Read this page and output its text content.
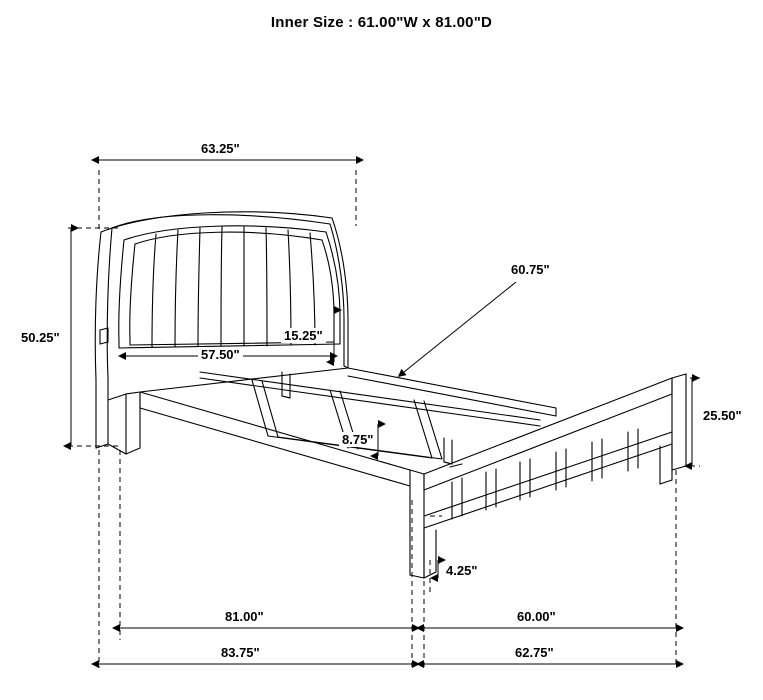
Inner Size : 61.00"W x 81.00"D
63.25"
50.25"
57.50"
15.25"
60.75"
8.75"
25.50"
4.25"
81.00"	60.00"
83.75"	62.75"
